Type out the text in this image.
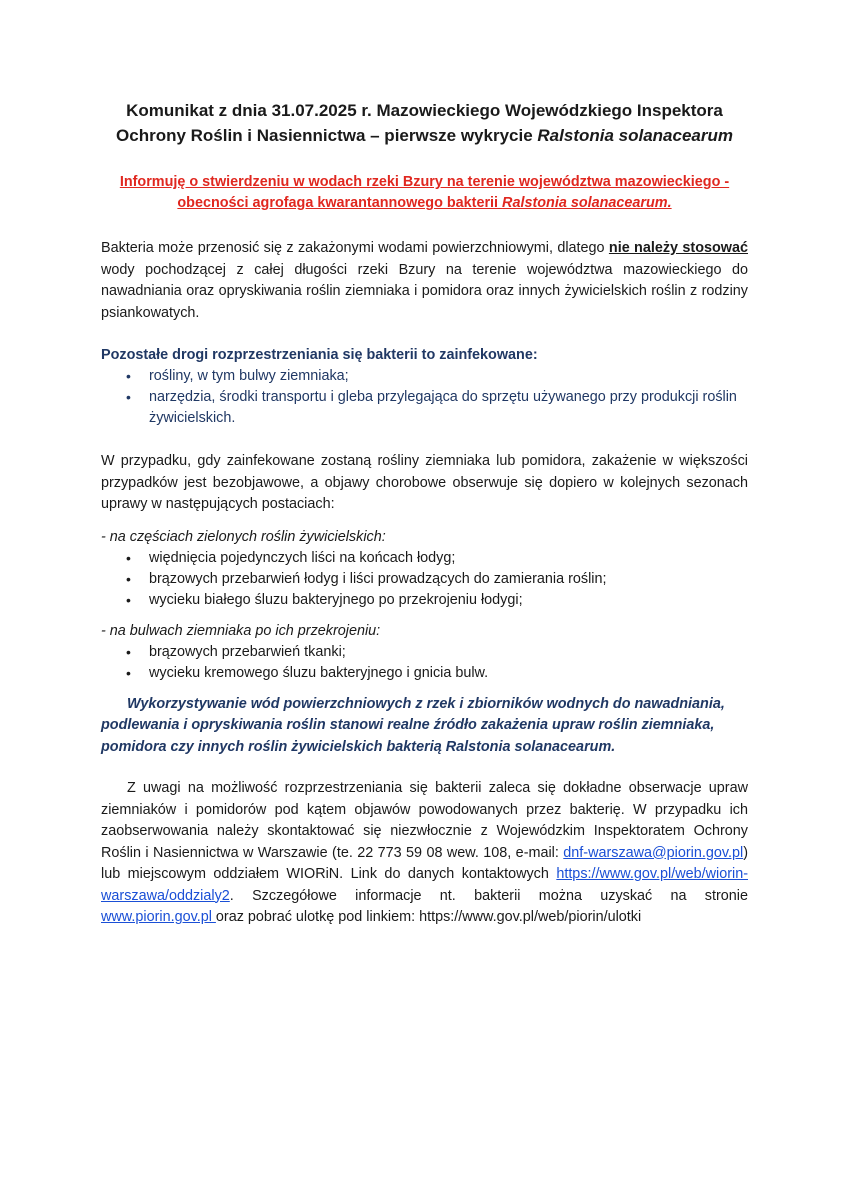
Komunikat z dnia 31.07.2025 r. Mazowieckiego Wojewódzkiego Inspektora
Ochrony Roślin i Nasiennictwa – pierwsze wykrycie Ralstonia solanacearum

Informuję o stwierdzeniu w wodach rzeki Bzury na terenie województwa mazowieckiego - obecności agrofaga kwarantannowego bakterii Ralstonia solanacearum.

Bakteria może przenosić się z zakażonymi wodami powierzchniowymi, dlatego nie należy stosować wody pochodzącej z całej długości rzeki Bzury na terenie województwa mazowieckiego do nawadniania oraz opryskiwania roślin ziemniaka i pomidora oraz innych żywicielskich roślin z rodziny psiankowatych.

Pozostałe drogi rozprzestrzeniania się bakterii to zainfekowane:

• rośliny, w tym bulwy ziemniaka;
• narzędzia, środki transportu i gleba przylegająca do sprzętu używanego przy produkcji roślin żywicielskich.

W przypadku, gdy zainfekowane zostaną rośliny ziemniaka lub pomidora, zakażenie w większości przypadków jest bezobjawowe, a objawy chorobowe obserwuje się dopiero w kolejnych sezonach uprawy w następujących postaciach:

- na częściach zielonych roślin żywicielskich:

• więdnięcia pojedynczych liści na końcach łodyg;
• brązowych przebarwień łodyg i liści prowadzących do zamierania roślin;
• wycieku białego śluzu bakteryjnego po przekrojeniu łodygi;

- na bulwach ziemniaka po ich przekrojeniu:

• brązowych przebarwień tkanki;
• wycieku kremowego śluzu bakteryjnego i gnicia bulw.

Wykorzystywanie wód powierzchniowych z rzek i zbiorników wodnych do nawadniania, podlewania i opryskiwania roślin stanowi realne źródło zakażenia upraw roślin ziemniaka, pomidora czy innych roślin żywicielskich bakterią Ralstonia solanacearum.

Z uwagi na możliwość rozprzestrzeniania się bakterii zaleca się dokładne obserwacje upraw ziemniaków i pomidorów pod kątem objawów powodowanych przez bakterię. W przypadku ich zaobserwowania należy skontaktować się niezwłocznie z Wojewódzkim Inspektoratem Ochrony Roślin i Nasiennictwa w Warszawie (te. 22 773 59 08 wew. 108, e-mail: dnf-warszawa@piorin.gov.pl) lub miejscowym oddziałem WIORiN. Link do danych kontaktowych https://www.gov.pl/web/wiorin-warszawa/oddzialy2. Szczegółowe informacje nt. bakterii można uzyskać na stronie www.piorin.gov.pl oraz pobrać ulotkę pod linkiem: https://www.gov.pl/web/piorin/ulotki
